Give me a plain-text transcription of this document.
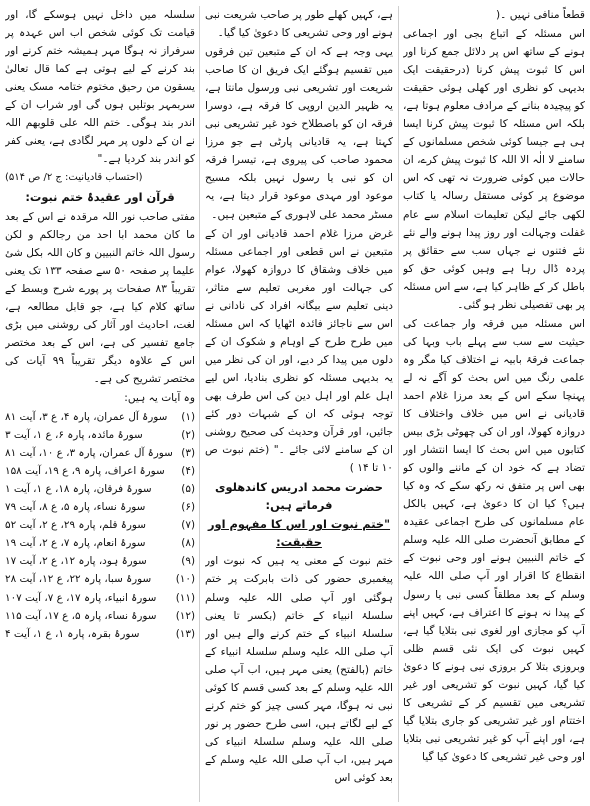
قطعاً منافی نہیں ۔(

اس مسئلہ کے اتباع بجی اور اجماعی ہونے کے ساتھ اس پر دلائل جمع کرنا اور اس کا ثبوت پیش کرنا (درحقیقت ایک بدیہی کو نظری اور کھلی ہوئی حقیقت کو پیچیدہ بنانے کے مرادف معلوم ہوتا ہے، بلکہ اس مسئلہ کا ثبوت پیش کرنا ایسا ہی ہے جیسا کوئی شخص مسلمانوں کے سامنے لا الٰہ الا اللہ کا ثبوت پیش کرے، ان حالات میں کوئی ضرورت نہ تھی کہ اس موضوع پر کوئی مستقل رسالہ یا کتاب لکھی جائے لیکن تعلیمات اسلام سے عام غفلت وجہالت اور روز پیدا ہونے والے نئے نئے فتنوں نے جہاں سب سے حقائق پر پردہ ڈال رہا ہے وہیں کوئی حق کو باطل کر کے ظاہر کیا ہے، سے اس مسئلہ پر بھی تفصیلی نظر ہو گئی۔

اس مسئلہ میں فرقہ وار جماعت کی حیثیت سے سب سے پہلے باب وبہا کی جماعت فرقۂ بابیہ نے اختلاف کیا مگر وہ علمی رنگ میں اس بحث کو آگے نہ لے پہنچا سکے اس کے بعد مرزا غلام احمد قادیانی نے اس میں خلاف واختلاف کا دروازہ کھولا، اور ان کی چھوٹی بڑی بیس کتابوں میں اس بحث کا ایسا انتشار اور تضاد ہے کہ خود ان کے ماننے والوں کو بھی اس پر متفق نہ رکھ سکے کہ وہ کیا ہیں؟ کیا ان کا دعویٰ ہے، کہیں بالکل عام مسلمانوں کی طرح اجماعی عقیدہ کے مطابق آنحضرت صلی اللہ علیہ وسلم کے خاتم النبیین ہونے اور وحی نبوت کے انقطاع کا اقرار اور آپ صلی اللہ علیہ وسلم کے بعد مطلقاً کسی نبی یا رسول کے پیدا نہ ہونے کا اعتراف ہے، کہیں اپنے آپ کو مجازی اور لغوی نبی بتلایا گیا ہے، کہیں نبوت کی ایک نئی قسم ظلی وبروزی بتلا کر بروزی نبی ہونے کا دعویٰ کیا گیا، کہیں نبوت کو تشریعی اور غیر تشریعی میں تقسیم کر کے تشریعی کا اختتام اور غیر تشریعی کو جاری بتلایا گیا ہے، اور اپنے آپ کو غیر تشریعی نبی بتلایا اور وحی غیر تشریعی کا دعویٰ کیا گیا

ہے، کہیں کھلے طور پر صاحب شریعت نبی ہونے اور وحی تشریعی کا دعویٰ کیا گیا۔

یہی وجہ ہے کہ ان کے متبعین تین فرقوں میں تقسیم ہوگئے ایک فریق ان کا صاحب شریعت اور تشریعی نبی ورسول مانتا ہے، یہ ظہیر الدین اروپی کا فرقہ ہے، دوسرا فرقہ ان کو باصطلاح خود غیر تشریعی نبی کہتا ہے، یہ قادیانی پارٹی ہے جو مرزا محمود صاحب کی پیروی ہے، تیسرا فرقہ ان کو نبی یا رسول نہیں بلکہ مسیح موعود اور مہدی موعود قرار دیتا ہے، یہ مسٹر محمد علی لاہوری کے متبعین ہیں۔

غرض مرزا غلام احمد قادیانی اور ان کے متبعین نے اس قطعی اور اجماعی مسئلہ میں خلاف وشقاق کا دروازہ کھولا، عوام کی جہالت اور مغربی تعلیم سے متاثر، دینی تعلیم سے بیگانہ افراد کی نادانی نے اس سے ناجائز فائدہ اٹھایا کہ اس مسئلہ میں طرح طرح کے اوہام و شکوک ان کے دلوں میں پیدا کر دیے، اور ان کی نظر میں یہ بدیہی مسئلہ کو نظری بنادیا، اس لیے اہل علم اور اہل دین کی اس طرف بھی توجہ ہوئی کہ ان کے شبہات دور کئے جائیں، اور قرآن وحدیث کی صحیح روشنی ان کے سامنے لائی جائے ۔" (ختم نبوت ص ۱۰ تا ۱۴ )

حضرت محمد ادریس کاندھلوی فرماتے ہیں:

"ختم نبوت اور اس کا مفہوم اور حقیقت:

ختم نبوت کے معنی یہ ہیں کہ نبوت اور پیغمبری حضور کی ذات بابرکت پر ختم ہوگئی اور آپ صلی اللہ علیہ وسلم سلسلۂ انبیاء کے خاتم (بکسر تا یعنی سلسلۂ انبیاء کے ختم کرنے والے ہیں اور آپ صلی اللہ علیہ وسلم سلسلۂ انبیاء کے خاتم (بالفتح) یعنی مہر ہیں، اب آپ صلی اللہ علیہ وسلم کے بعد کسی قسم کا کوئی نبی نہ ہوگا، مہر کسی چیز کو ختم کرنے کے لیے لگاتے ہیں، اسی طرح حضور پر نور صلی اللہ علیہ وسلم سلسلۂ انبیاء کی مہر ہیں، اب آپ صلی اللہ علیہ وسلم کے بعد کوئی اس

سلسلہ میں داخل نہیں ہوسکے گا، اور قیامت تک کوئی شخص اب اس عہدہ پر سرفراز نہ ہوگا مہر ہمیشہ ختم کرنے اور بند کرنے کے لیے ہوتی ہے کما قال تعالیٰ یسقون من رحیق مختوم ختامہ مسک یعنی سربمہر بوتلیں ہوں گی اور شراب ان کے اندر بند ہوگی۔ ختم اللہ علی قلوبھم اللہ نے ان کے دلوں پر مہر لگادی ہے، یعنی کفر کو اندر بند کردیا ہے۔"

(احتساب قادیانیت: ج ۲/ ص ۵۱۴)

قرآن اور عقیدۂ ختم نبوت:

مفتی صاحب نور اللہ مرقدہ نے اس کے بعد ما کان محمد ابا احد من رجالکم و لکن رسول اللہ خاتم النبیین و کان اللہ بکل شئ علیما پر صفحہ ۵۰ سے صفحہ ۱۳۳ تک یعنی تقریباً ۸۳ صفحات پر پورے شرح وبسط کے ساتھ کلام کیا ہے، جو قابل مطالعہ ہے، لغت، احادیث اور آثار کی روشنی میں بڑی جامع تفسیر کی ہے، اس کے بعد مختصر اس کے علاوہ دیگر تقریباً ۹۹ آیات کی مختصر تشریح کی ہے۔

وہ آیات یہ ہیں:

(۱)
سورۂ آل عمران، پارہ ۴، ع ۳، آیت ۸۱
(۲)
سورۂ مائدہ، پارہ ۶، ع ۱، آیت ۳
(۳)
سورۂ آل عمران، پارہ ۳، ع ۱۰، آیت ۸۱
(۴)
سورۂ اعراف، پارہ ۹، ع ۱۹، آیت ۱۵۸
(۵)
سورۂ فرقان، پارہ ۱۸، ع ۱، آیت ۱
(۶)
سورۂ نساء، پارہ ۵، ع ۸، آیت ۷۹
(۷)
سورۂ قلم، پارہ ۲۹، ع ۲، آیت ۵۲
(۸)
سورۂ انعام، پارہ ۷، ع ۲، آیت ۱۹
(۹)
سورۂ ہود، پارہ ۱۲، ع ۲، آیت ۱۷
(۱۰)
سورۂ سبا، پارہ ۲۲، ع ۱۲، آیت ۲۸
(۱۱)
سورۂ انبیاء، پارہ ۱۷، ع ۷، آیت ۱۰۷
(۱۲)
سورۂ نساء، پارہ ۵، ع ۱۷، آیت ۱۱۵
(۱۳)
سورۂ بقرہ، پارہ ۱، ع ۱، آیت ۴
